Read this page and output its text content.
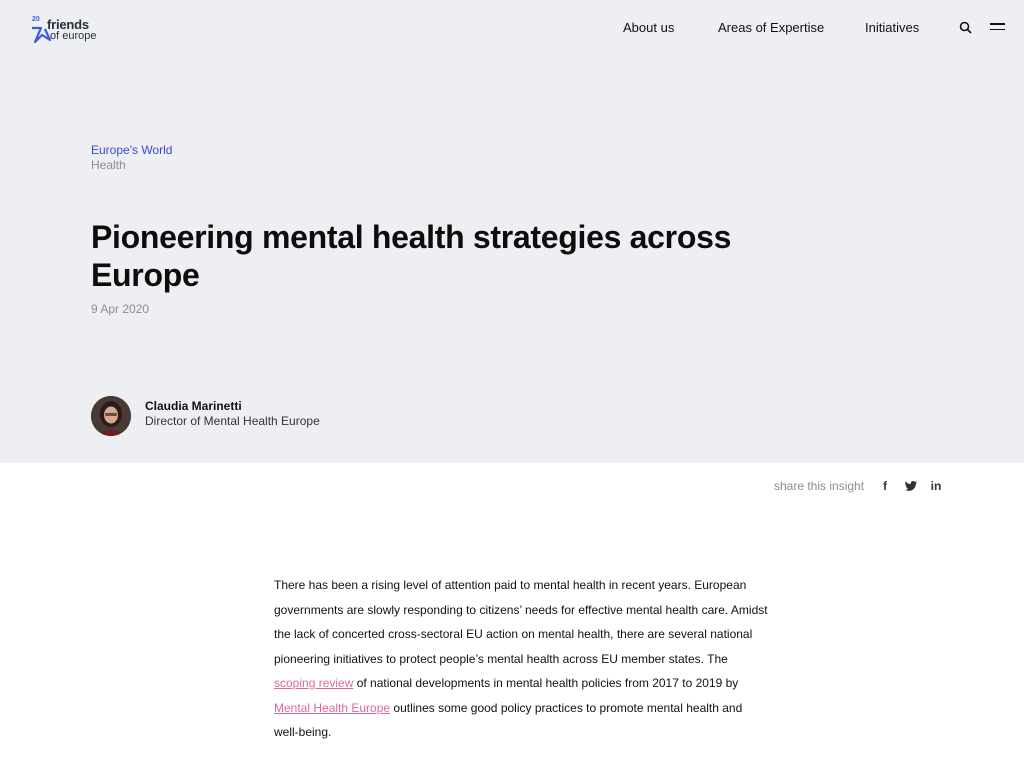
20 friends
of europe
About us	Areas of Expertise	Initiatives
Europe's World
Health
Pioneering mental health strategies across Europe
9 Apr 2020
Claudia Marinetti
Director of Mental Health Europe
share this insight	f	in
There has been a rising level of attention paid to mental health in recent years. European governments are slowly responding to citizens’ needs for effective mental health care. Amidst the lack of concerted cross-sectoral EU action on mental health, there are several national pioneering initiatives to protect people’s mental health across EU member states. The scoping review of national developments in mental health policies from 2017 to 2019 by Mental Health Europe outlines some good policy practices to promote mental health and well-being.
